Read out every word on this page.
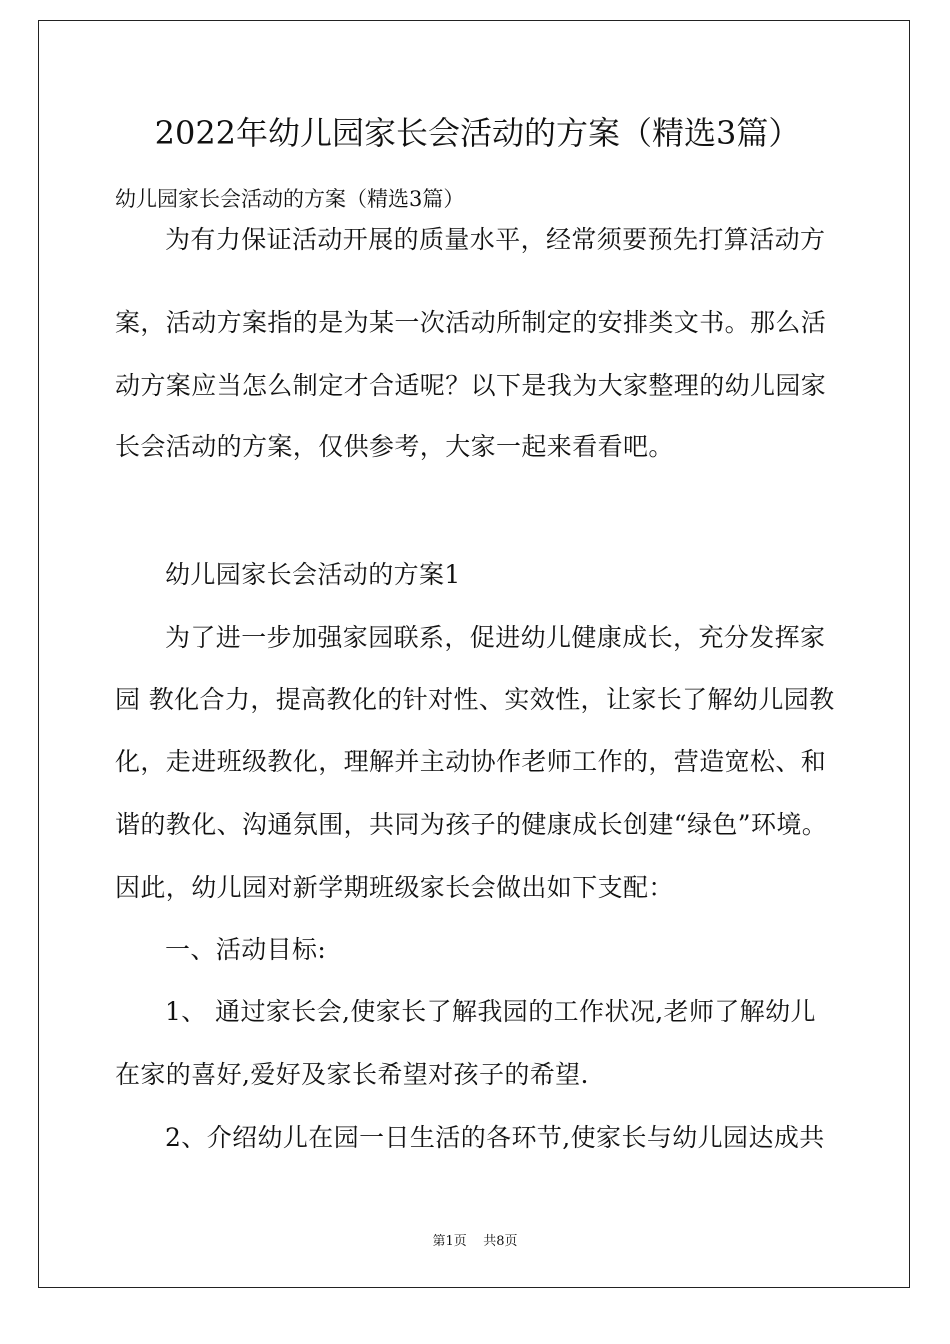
2022年幼儿园家长会活动的方案（精选3篇）
幼儿园家长会活动的方案（精选3篇）
为有力保证活动开展的质量水平，经常须要预先打算活动方
案，活动方案指的是为某一次活动所制定的安排类文书。那么活
动方案应当怎么制定才合适呢？以下是我为大家整理的幼儿园家
长会活动的方案，仅供参考，大家一起来看看吧。
幼儿园家长会活动的方案1
为了进一步加强家园联系，促进幼儿健康成长，充分发挥家
园 教化合力，提高教化的针对性、实效性，让家长了解幼儿园教
化，走进班级教化，理解并主动协作老师工作的，营造宽松、和
谐的教化、沟通氛围，共同为孩子的健康成长创建“绿色”环境。
因此，幼儿园对新学期班级家长会做出如下支配：
一、活动目标:
1、 通过家长会,使家长了解我园的工作状况,老师了解幼儿
在家的喜好,爱好及家长希望对孩子的希望.
2、介绍幼儿在园一日生活的各环节,使家长与幼儿园达成共
第1页    共8页
